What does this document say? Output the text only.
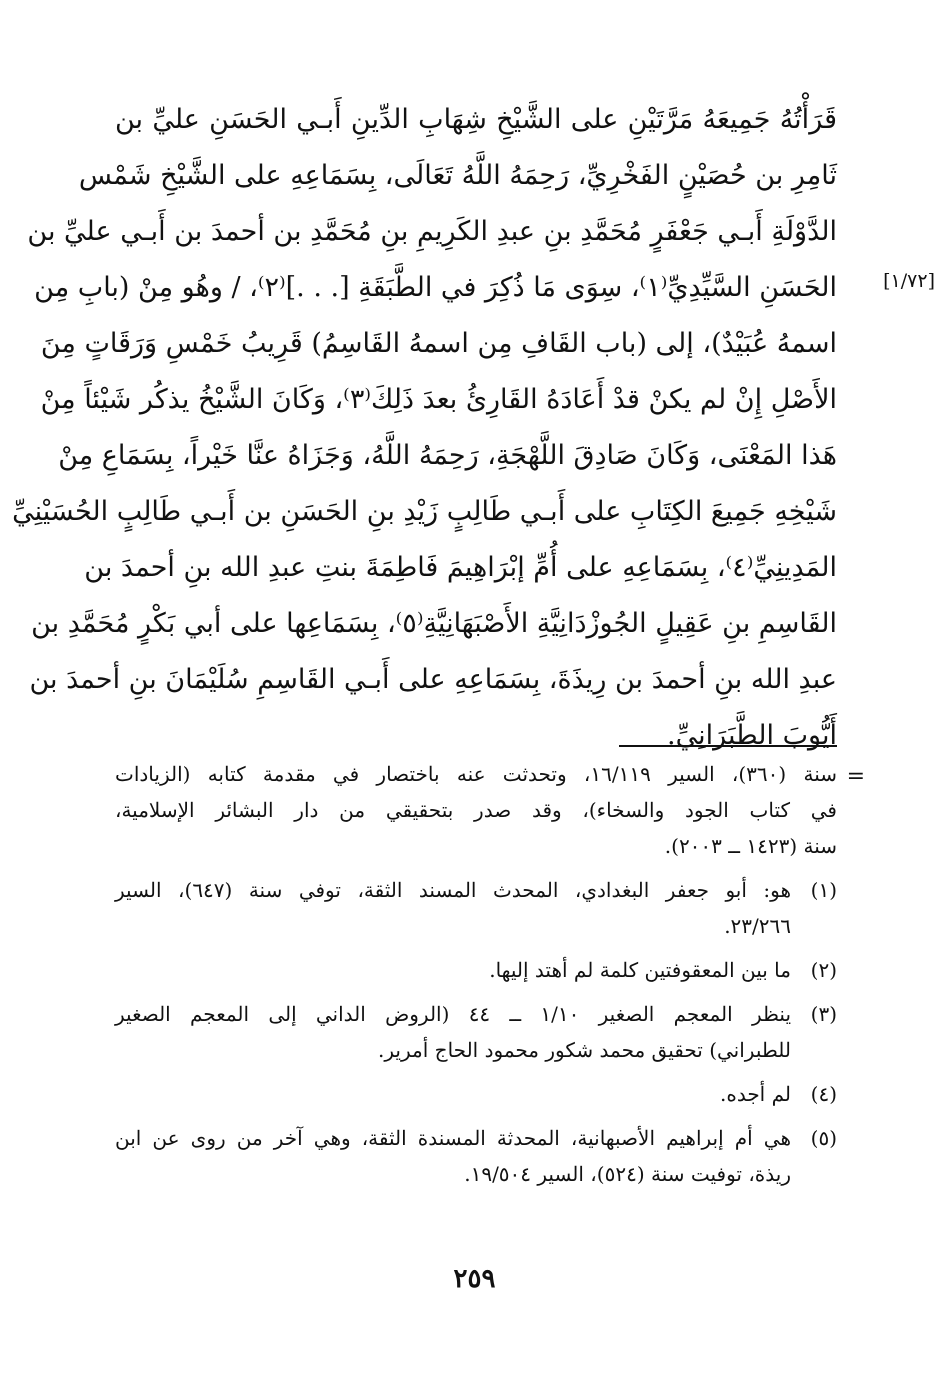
قَرَأْتُهُ جَمِيعَهُ مَرَّتَيْنِ على الشَّيْخِ شِهَابِ الدِّينِ أَبـي الحَسَنِ عليِّ بن
ثَامِرِ بن حُصَيْنٍ الفَخْرِيِّ، رَحِمَهُ اللَّهُ تَعَالَى، بِسَمَاعِهِ على الشَّيْخِ شَمْس
الدَّوْلَةِ أَبـي جَعْفَرٍ مُحَمَّدِ بنِ عبدِ الكَرِيمِ بنِ مُحَمَّدِ بن أحمدَ بن أَبـي عليِّ بن
الحَسَنِ السَّيِّدِيِّ⁽١⁾، سِوَى مَا ذُكِرَ في الطَّبَقَةِ [. . .]⁽٢⁾، / وهُو مِنْ (بابِ مِن
اسمهُ عُبَيْدٌ)، إلى (باب القَافِ مِن اسمهُ القَاسِمُ) قَرِيبُ خَمْسِ وَرَقَاتٍ مِنَ
الأَصْلِ إِنْ لم يكنْ قدْ أَعَادَهُ القَارِئُ بعدَ ذَلِكَ⁽٣⁾، وَكَانَ الشَّيْخُ يذكُر شَيْئاً مِنْ
هَذا المَعْنَى، وَكَانَ صَادِقَ اللَّهْجَةِ، رَحِمَهُ اللَّهُ، وَجَزَاهُ عنَّا خَيْراً، بِسَمَاعِ مِنْ
شَيْخِهِ جَمِيعَ الكِتَابِ على أَبـي طَالِبٍ زَيْدِ بنِ الحَسَنِ بن أَبـي طَالِبٍ الحُسَيْنِيِّ
المَدِينِيِّ⁽٤⁾، بِسَمَاعِهِ على أُمِّ إبْرَاهِيمَ فَاطِمَةَ بنتِ عبدِ الله بنِ أحمدَ بن
القَاسِمِ بنِ عَقِيلٍ الجُوزْدَانِيَّةِ الأَصْبَهَانِيَّةِ⁽٥⁾، بِسَمَاعِها على أبي بَكْرٍ مُحَمَّدِ بن
عبدِ الله بنِ أحمدَ بن رِيذَةَ، بِسَمَاعِهِ على أَبـي القَاسِمِ سُلَيْمَانَ بنِ أحمدَ بن
أَيُّوبَ الطَّبَرَانِيِّ.
[١/٧٢]
=
سنة (٣٦٠)، السير ١٦/١١٩، وتحدثت عنه باختصار في مقدمة كتابه (الزيادات
في كتاب الجود والسخاء)، وقد صدر بتحقيقي من دار البشائر الإسلامية،
سنة (١٤٢٣ ــ ٢٠٠٣).
(١)
هو: أبو جعفر البغدادي، المحدث المسند الثقة، توفي سنة (٦٤٧)، السير
٢٣/٢٦٦.
(٢)
ما بين المعقوفتين كلمة لم أهتد إليها.
(٣)
ينظر المعجم الصغير ١/١٠ ــ ٤٤ (الروض الداني إلى المعجم الصغير
للطبراني) تحقيق محمد شكور محمود الحاج أمرير.
(٤)
لم أجده.
(٥)
هي أم إبراهيم الأصبهانية، المحدثة المسندة الثقة، وهي آخر من روى عن ابن
ريذة، توفيت سنة (٥٢٤)، السير ١٩/٥٠٤.
٢٥٩
